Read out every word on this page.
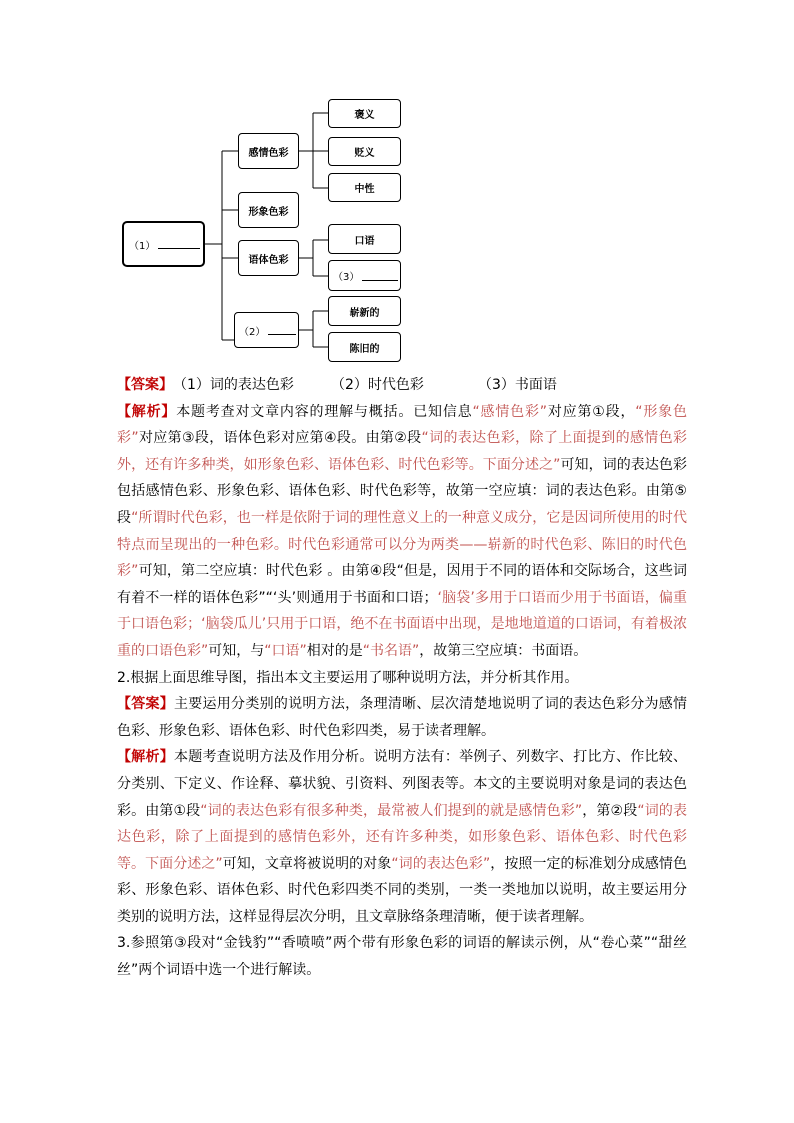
（1）
感情色彩
形象色彩
语体色彩
（2）
褒义
贬义
中性
口语
（3）
崭新的
陈旧的

【答案】 （1）词的表达色彩	（2）时代色彩	（3）书面语

【解析】本题考查对文章内容的理解与概括。已知信息“感情色彩”对应第①段，“形象色彩”对应第③段，语体色彩对应第④段。由第②段“词的表达色彩，除了上面提到的感情色彩外，还有许多种类，如形象色彩、语体色彩、时代色彩等。下面分述之”可知，词的表达色彩包括感情色彩、形象色彩、语体色彩、时代色彩等，故第一空应填：词的表达色彩。由第⑤段“所谓时代色彩，也一样是依附于词的理性意义上的一种意义成分，它是因词所使用的时代特点而呈现出的一种色彩。时代色彩通常可以分为两类——崭新的时代色彩、陈旧的时代色彩”可知，第二空应填：时代色彩 。由第④段“但是，因用于不同的语体和交际场合，这些词有着不一样的语体色彩”“‘头’则通用于书面和口语；‘脑袋’多用于口语而少用于书面语，偏重于口语色彩；‘脑袋瓜儿’只用于口语，绝不在书面语中出现，是地地道道的口语词，有着极浓重的口语色彩”可知，与“口语”相对的是“书名语”，故第三空应填：书面语。

2.根据上面思维导图，指出本文主要运用了哪种说明方法，并分析其作用。

【答案】主要运用分类别的说明方法，条理清晰、层次清楚地说明了词的表达色彩分为感情色彩、形象色彩、语体色彩、时代色彩四类，易于读者理解。

【解析】本题考查说明方法及作用分析。说明方法有：举例子、列数字、打比方、作比较、分类别、下定义、作诠释、摹状貌、引资料、列图表等。本文的主要说明对象是词的表达色彩。由第①段“词的表达色彩有很多种类，最常被人们提到的就是感情色彩”，第②段“词的表达色彩，除了上面提到的感情色彩外，还有许多种类，如形象色彩、语体色彩、时代色彩等。下面分述之”可知，文章将被说明的对象“词的表达色彩”，按照一定的标准划分成感情色彩、形象色彩、语体色彩、时代色彩四类不同的类别，一类一类地加以说明，故主要运用分类别的说明方法，这样显得层次分明，且文章脉络条理清晰，便于读者理解。

3.参照第③段对“金钱豹”“香喷喷”两个带有形象色彩的词语的解读示例，从“卷心菜”“甜丝丝”两个词语中选一个进行解读。
